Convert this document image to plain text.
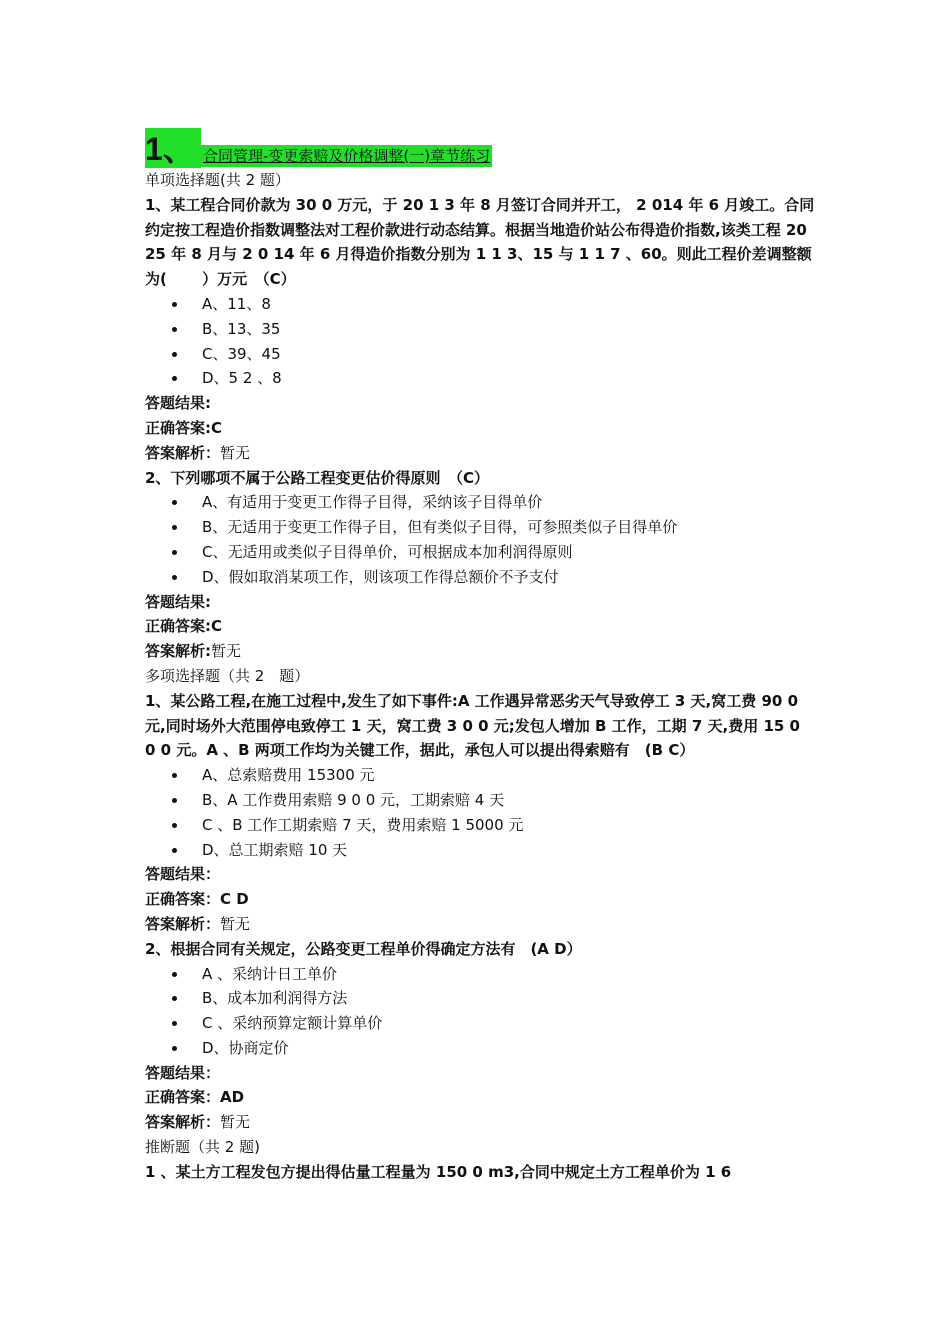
1、 合同管理-变更索赔及价格调整(一)章节练习
单项选择题(共 2 题）
1、某工程合同价款为 30 0 万元，于 20 1 3 年 8 月签订合同并开工， 2 014 年 6 月竣工。合同约定按工程造价指数调整法对工程价款进行动态结算。根据当地造价站公布得造价指数,该类工程 2025 年 8 月与 2 0 14 年 6 月得造价指数分别为 1 1 3、15 与 1 1 7 、60。则此工程价差调整额为(　　 ）万元　（C）
A、11、8
B、13、35
C、39、45
D、5 2 、8
答题结果:
正确答案:C
答案解析：暂无
2、下列哪项不属于公路工程变更估价得原则　（C）
A、有适用于变更工作得子目得，采纳该子目得单价
B、无适用于变更工作得子目，但有类似子目得，可参照类似子目得单价
C、无适用或类似子目得单价，可根据成本加利润得原则
D、假如取消某项工作，则该项工作得总额价不予支付
答题结果:
正确答案:C
答案解析:暂无
多项选择题（共 2　题）
1、某公路工程,在施工过程中,发生了如下事件:A 工作遇异常恶劣天气导致停工 3 天,窝工费 90 0 元,同时场外大范围停电致停工 1 天，窝工费 3 0 0 元;发包人增加 B 工作，工期 7 天,费用 15 0 0 0 元。A 、B 两项工作均为关键工作，据此，承包人可以提出得索赔有　(B C）
A、总索赔费用 15300 元
B、A 工作费用索赔 9 0 0 元，工期索赔 4 天
C 、B 工作工期索赔 7 天，费用索赔 1 5000 元
D、总工期索赔 10 天
答题结果：
正确答案：C D
答案解析：暂无
2、根据合同有关规定，公路变更工程单价得确定方法有　(A D）
A 、采纳计日工单价
B、成本加利润得方法
C 、采纳预算定额计算单价
D、协商定价
答题结果：
正确答案：AD
答案解析：暂无
推断题（共 2 题)
1 、某土方工程发包方提出得估量工程量为 150 0 m3,合同中规定土方工程单价为 1 6
